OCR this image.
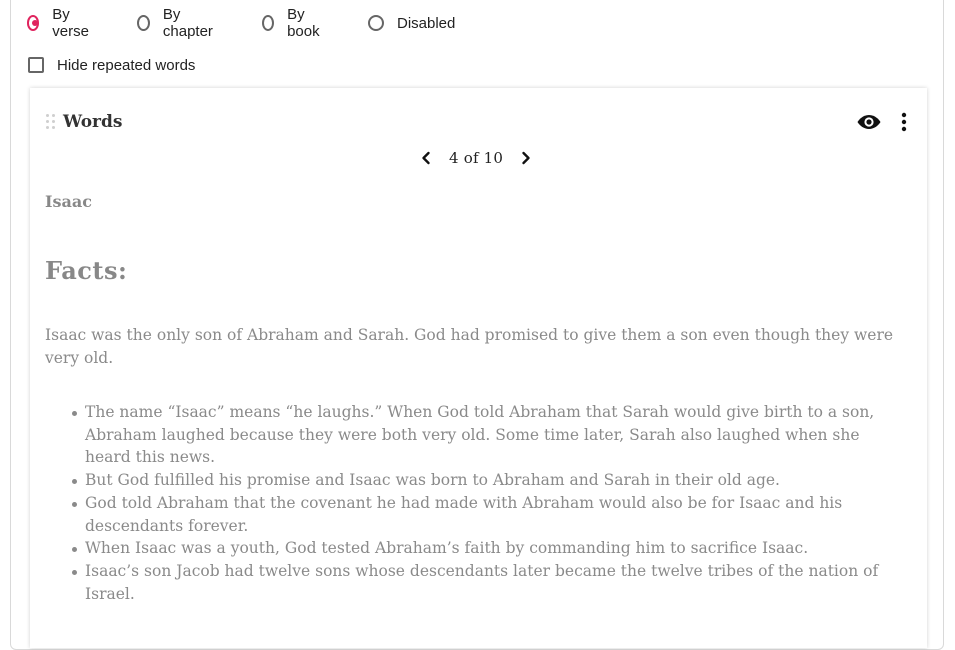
By verse
By chapter
By book	Disabled
Hide repeated words
Words
4 of 10
Isaac
Facts:

Isaac was the only son of Abraham and Sarah. God had promised to give them a son even though they were very old.

The name “Isaac” means “he laughs.” When God told Abraham that Sarah would give birth to a son, Abraham laughed because they were both very old. Some time later, Sarah also laughed when she heard this news.
But God fulfilled his promise and Isaac was born to Abraham and Sarah in their old age.
God told Abraham that the covenant he had made with Abraham would also be for Isaac and his descendants forever.
When Isaac was a youth, God tested Abraham’s faith by commanding him to sacrifice Isaac.
Isaac’s son Jacob had twelve sons whose descendants later became the twelve tribes of the nation of Israel.
